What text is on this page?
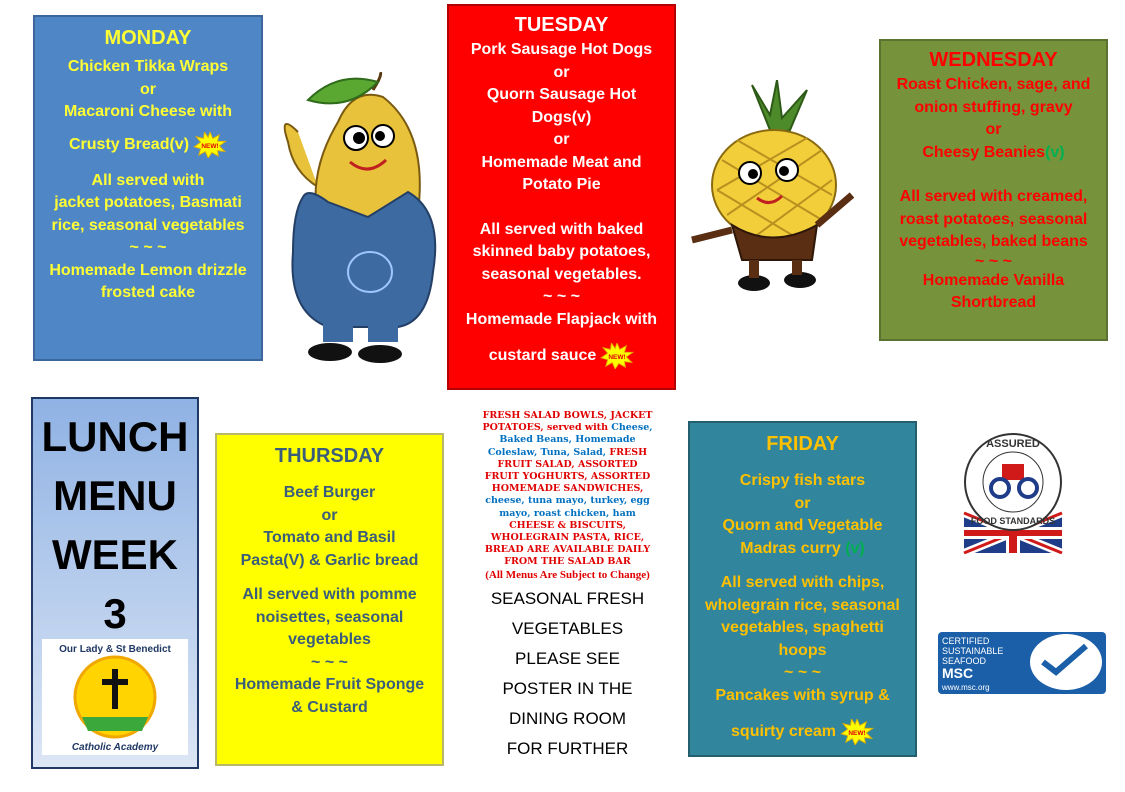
MONDAY
Chicken Tikka Wraps
or
Macaroni Cheese with
Crusty Bread(v) NEW!
All served with
jacket potatoes, Basmati
rice, seasonal vegetables
~ ~ ~
Homemade Lemon drizzle
frosted cake
TUESDAY
Pork Sausage Hot Dogs
or
Quorn Sausage Hot
Dogs(v)
or
Homemade Meat and
Potato Pie
All served with baked
skinned baby potatoes,
seasonal vegetables.
~ ~ ~
Homemade Flapjack with
custard sauce NEW!
WEDNESDAY
Roast Chicken, sage, and
onion stuffing, gravy
or
Cheesy Beanies(v)
All served with creamed,
roast potatoes, seasonal
vegetables, baked beans
~ ~ ~
Homemade Vanilla
Shortbread
LUNCH
MENU
WEEK
3
Our Lady & St Benedict
Catholic Academy
THURSDAY
Beef Burger
or
Tomato and Basil
Pasta(V) & Garlic bread
All served with pomme
noisettes, seasonal
vegetables
~ ~ ~
Homemade Fruit Sponge
& Custard
FRESH SALAD BOWLS, JACKET POTATOES, served with Cheese, Baked Beans, Homemade Coleslaw, Tuna, Salad, FRESH FRUIT SALAD, ASSORTED FRUIT YOGHURTS, ASSORTED HOMEMADE SANDWICHES, cheese, tuna mayo, turkey, egg mayo, roast chicken, ham
CHEESE & BISCUITS, WHOLEGRAIN PASTA, RICE, BREAD ARE AVAILABLE DAILY FROM THE SALAD BAR
(All Menus Are Subject to Change)
SEASONAL FRESH
VEGETABLES
PLEASE SEE
POSTER IN THE
DINING ROOM
FOR FURTHER
FRIDAY
Crispy fish stars
or
Quorn and Vegetable
Madras curry (v)
All served with chips,
wholegrain rice, seasonal
vegetables, spaghetti
hoops
~ ~ ~
Pancakes with syrup &
squirty cream NEW!
ASSURED
FOOD STANDARDS
CERTIFIED
SUSTAINABLE
SEAFOOD
MSC
www.msc.org
